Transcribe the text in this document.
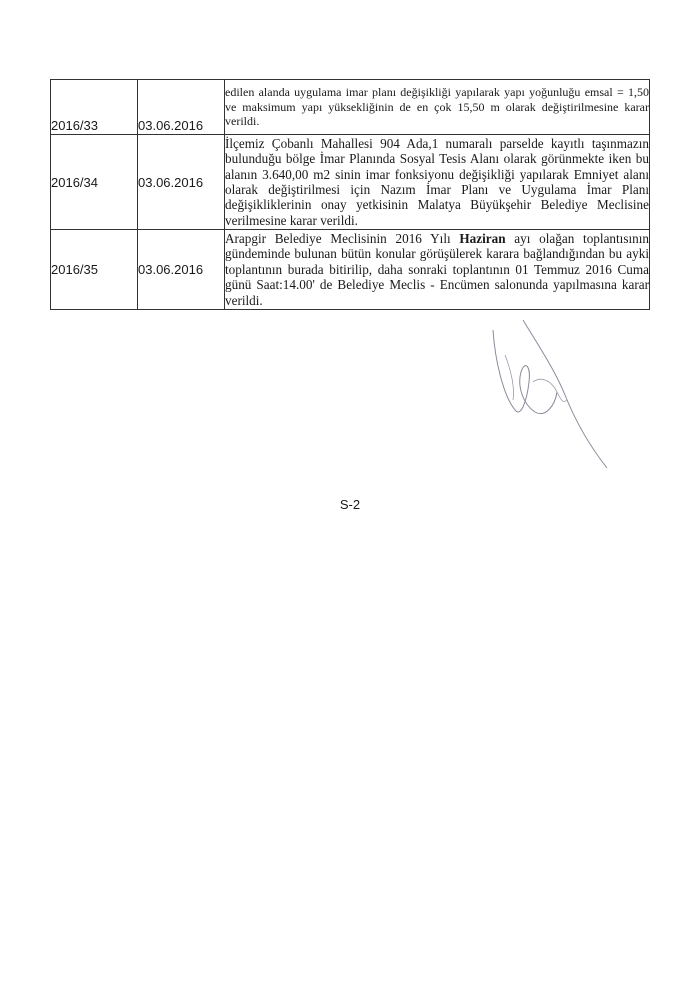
2016/33	03.06.2016	edilen alanda uygulama imar planı değişikliği yapılarak yapı yoğunluğu emsal = 1,50 ve maksimum yapı yüksekliğinin de en çok 15,50 m olarak değiştirilmesine karar verildi.
2016/34	03.06.2016	İlçemiz Çobanlı Mahallesi 904 Ada,1 numaralı parselde kayıtlı taşınmazın bulunduğu bölge İmar Planında Sosyal Tesis Alanı olarak görünmekte iken bu alanın 3.640,00 m2 sinin imar fonksiyonu değişikliği yapılarak Emniyet alanı olarak değiştirilmesi için Nazım İmar Planı ve Uygulama İmar Planı değişikliklerinin onay yetkisinin Malatya Büyükşehir Belediye Meclisine verilmesine karar verildi.
2016/35	03.06.2016	Arapgir Belediye Meclisinin 2016 Yılı Haziran ayı olağan toplantısının gündeminde bulunan bütün konular görüşülerek karara bağlandığından bu ayki toplantının burada bitirilip, daha sonraki toplantının 01 Temmuz 2016 Cuma günü Saat:14.00' de Belediye Meclis - Encümen salonunda yapılmasına karar verildi.
S-2
